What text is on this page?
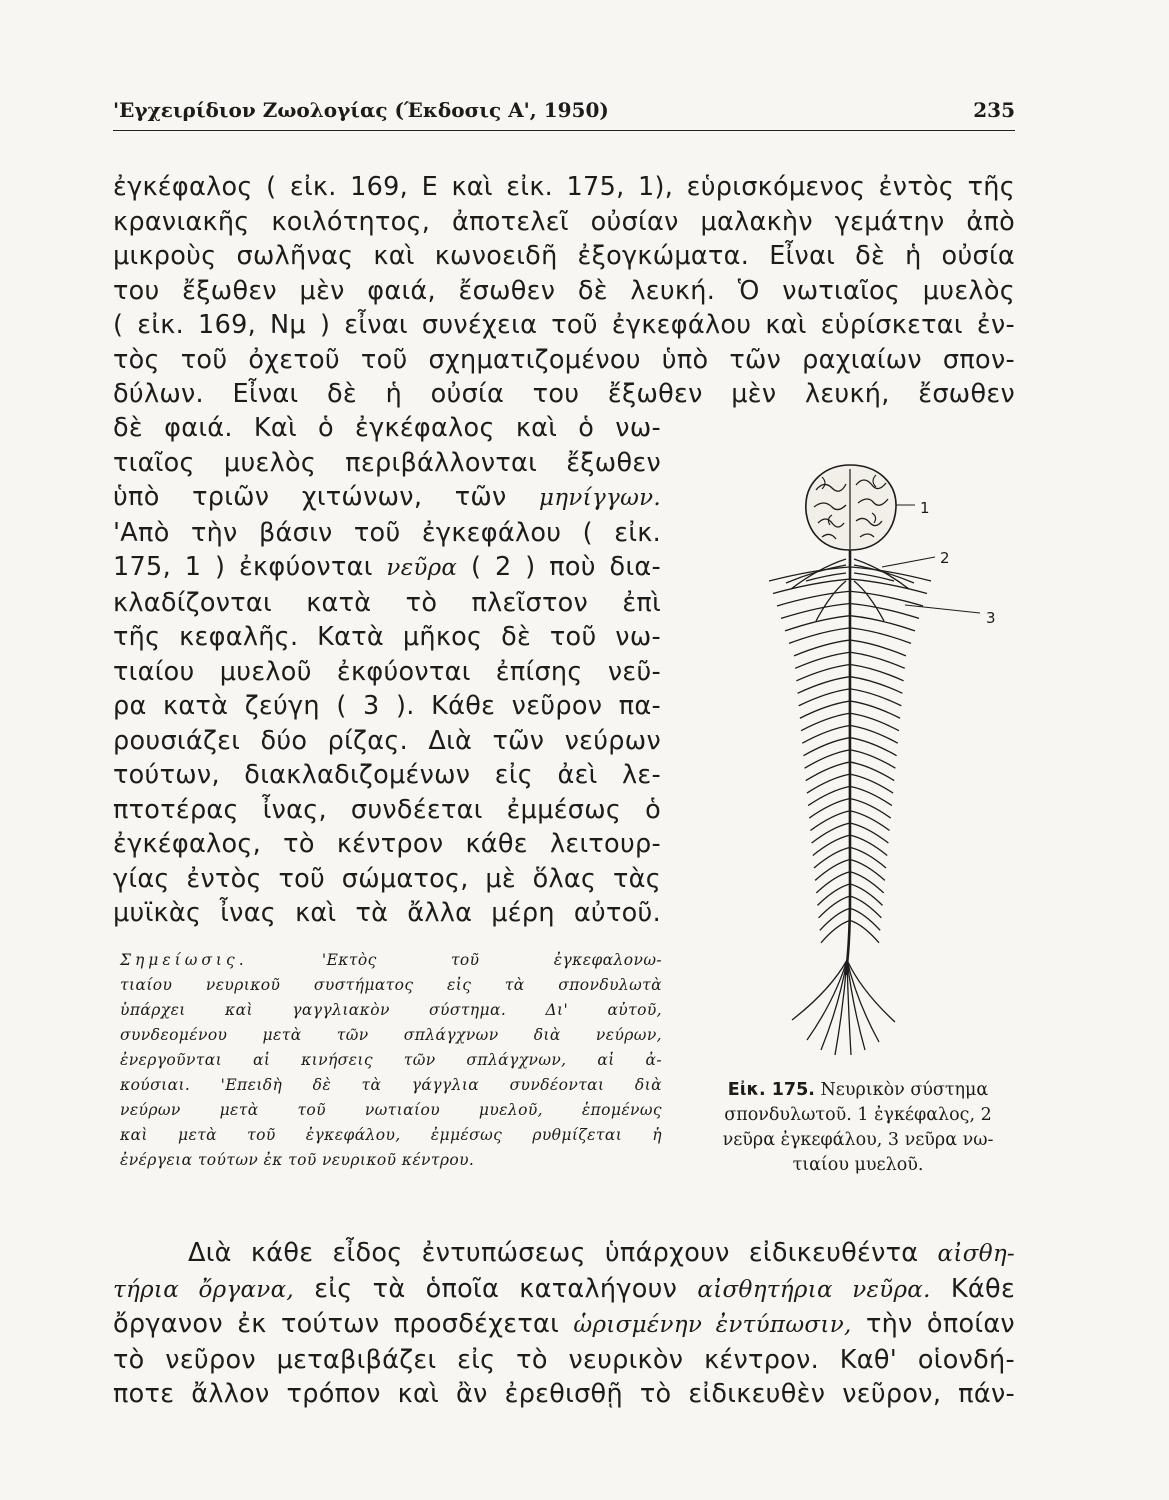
'Εγχειρίδιον Ζωολογίας (Έκδοσις Α', 1950)	235
ἐγκέφαλος ( εἰκ. 169, Ε καὶ εἰκ. 175, 1), εὑρισκόμενος ἐντὸς τῆς
κρανιακῆς κοιλότητος, ἀποτελεῖ οὐσίαν μαλακὴν γεμάτην ἀπὸ
μικροὺς σωλῆνας καὶ κωνοειδῆ ἐξογκώματα. Εἶναι δὲ ἡ οὐσία
του ἔξωθεν μὲν φαιά, ἔσωθεν δὲ λευκή. Ὁ νωτιαῖος μυελὸς
( εἰκ. 169, Νμ ) εἶναι συνέχεια τοῦ ἐγκεφάλου καὶ εὑρίσκεται ἐν-
τὸς τοῦ ὀχετοῦ τοῦ σχηματιζομένου ὑπὸ τῶν ραχιαίων σπον-
δύλων. Εἶναι δὲ ἡ οὐσία του ἔξωθεν μὲν λευκή, ἔσωθεν
δὲ φαιά. Καὶ ὁ ἐγκέφαλος καὶ ὁ νω-
τιαῖος μυελὸς περιβάλλονται ἔξωθεν
ὑπὸ τριῶν χιτώνων, τῶν μηνίγγων.
'Απὸ τὴν βάσιν τοῦ ἐγκεφάλου ( εἰκ.
175, 1 ) ἐκφύονται νεῦρα ( 2 ) ποὺ δια-
κλαδίζονται κατὰ τὸ πλεῖστον ἐπὶ
τῆς κεφαλῆς. Κατὰ μῆκος δὲ τοῦ νω-
τιαίου μυελοῦ ἐκφύονται ἐπίσης νεῦ-
ρα κατὰ ζεύγη ( 3 ). Κάθε νεῦρον πα-
ρουσιάζει δύο ρίζας. Διὰ τῶν νεύρων
τούτων, διακλαδιζομένων εἰς ἀεὶ λε-
πτοτέρας ἶνας, συνδέεται ἐμμέσως ὁ
ἐγκέφαλος, τὸ κέντρον κάθε λειτουρ-
γίας ἐντὸς τοῦ σώματος, μὲ ὅλας τὰς
μυϊκὰς ἶνας καὶ τὰ ἄλλα μέρη αὐτοῦ.
Σημείωσις.	'Εκτὸς τοῦ ἐγκεφαλονω-
τιαίου νευρικοῦ συστήματος εἰς τὰ σπονδυλωτὰ
ὑπάρχει καὶ γαγγλιακὸν σύστημα. Δι' αὐτοῦ,
συνδεομένου μετὰ τῶν σπλάγχνων διὰ νεύρων,
ἐνεργοῦνται αἱ κινήσεις τῶν σπλάγχνων, αἱ ἀ-
κούσιαι. 'Επειδὴ δὲ τὰ γάγγλια συνδέονται διὰ
νεύρων μετὰ τοῦ νωτιαίου μυελοῦ, ἑπομένως
καὶ μετὰ τοῦ ἐγκεφάλου, ἐμμέσως ρυθμίζεται ἡ
ἐνέργεια τούτων ἐκ τοῦ νευρικοῦ κέντρου.
1
2
3
Εἰκ. 175. Νευρικὸν σύστημα
σπονδυλωτοῦ. 1 ἐγκέφαλος, 2
νεῦρα ἐγκεφάλου, 3 νεῦρα νω-
τιαίου μυελοῦ.
Διὰ κάθε εἶδος ἐντυπώσεως ὑπάρχουν εἰδικευθέντα αἰσθη-
τήρια ὄργανα, εἰς τὰ ὁποῖα καταλήγουν αἰσθητήρια νεῦρα. Κάθε
ὄργανον ἐκ τούτων προσδέχεται ὡρισμένην ἐντύπωσιν, τὴν ὁποίαν
τὸ νεῦρον μεταβιβάζει εἰς τὸ νευρικὸν κέντρον. Καθ' οἱονδή-
ποτε ἄλλον τρόπον καὶ ἂν ἐρεθισθῇ τὸ εἰδικευθὲν νεῦρον, πάν-
